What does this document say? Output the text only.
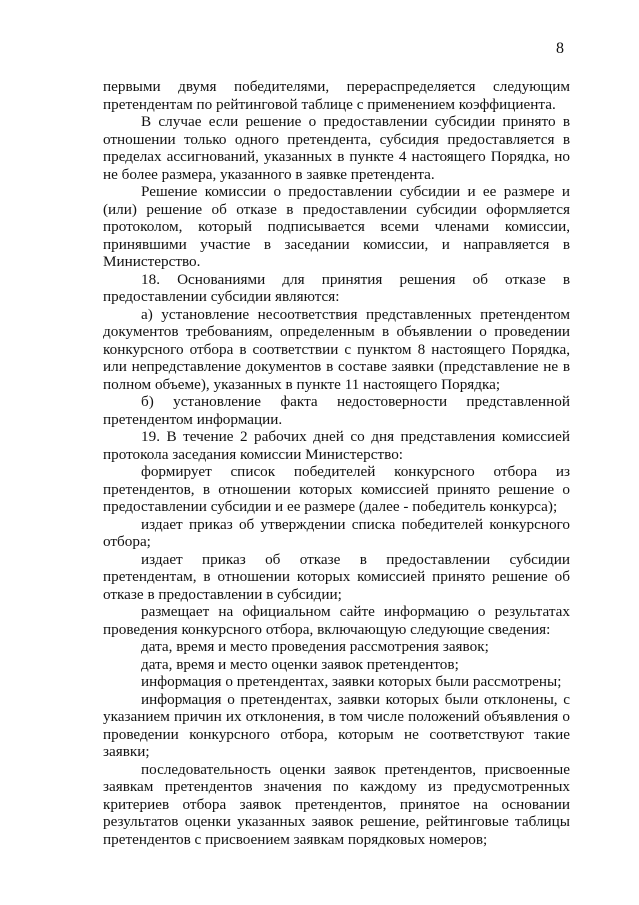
8

первыми двумя победителями, перераспределяется следующим претендентам по рейтинговой таблице с применением коэффициента.

В случае если решение о предоставлении субсидии принято в отношении только одного претендента, субсидия предоставляется в пределах ассигнований, указанных в пункте 4 настоящего Порядка, но не более размера, указанного в заявке претендента.

Решение комиссии о предоставлении субсидии и ее размере и (или) решение об отказе в предоставлении субсидии оформляется протоколом, который подписывается всеми членами комиссии, принявшими участие в заседании комиссии, и направляется в Министерство.

18. Основаниями для принятия решения об отказе в предоставлении субсидии являются:

а) установление несоответствия представленных претендентом документов требованиям, определенным в объявлении о проведении конкурсного отбора в соответствии с пунктом 8 настоящего Порядка, или непредставление документов в составе заявки (представление не в полном объеме), указанных в пункте 11 настоящего Порядка;

б) установление факта недостоверности представленной претендентом информации.

19. В течение 2 рабочих дней со дня представления комиссией протокола заседания комиссии Министерство:

формирует список победителей конкурсного отбора из претендентов, в отношении которых комиссией принято решение о предоставлении субсидии и ее размере (далее - победитель конкурса);

издает приказ об утверждении списка победителей конкурсного отбора;

издает приказ об отказе в предоставлении субсидии претендентам, в отношении которых комиссией принято решение об отказе в предоставлении в субсидии;

размещает на официальном сайте информацию о результатах проведения конкурсного отбора, включающую следующие сведения:

дата, время и место проведения рассмотрения заявок;

дата, время и место оценки заявок претендентов;

информация о претендентах, заявки которых были рассмотрены;

информация о претендентах, заявки которых были отклонены, с указанием причин их отклонения, в том числе положений объявления о проведении конкурсного отбора, которым не соответствуют такие заявки;

последовательность оценки заявок претендентов, присвоенные заявкам претендентов значения по каждому из предусмотренных критериев отбора заявок претендентов, принятое на основании результатов оценки указанных заявок решение, рейтинговые таблицы претендентов с присвоением заявкам порядковых номеров;
